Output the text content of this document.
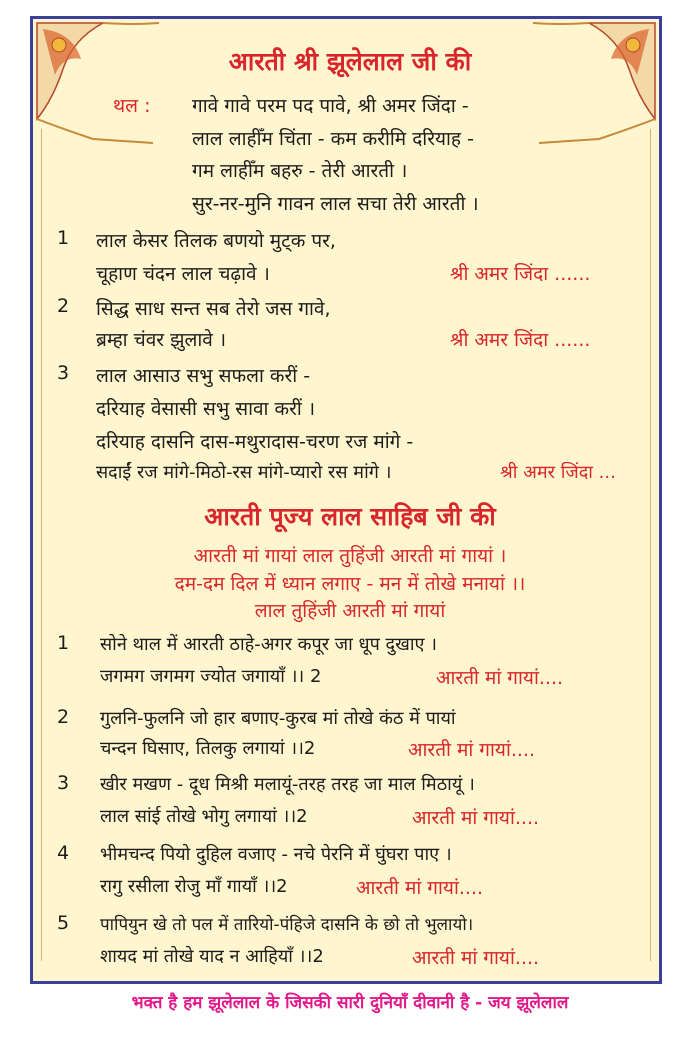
आरती श्री झूलेलाल जी की
थल : गावे गावे परम पद पावे, श्री अमर जिंदा -
लाल लाहीँम चिंता - कम करीमि दरियाह -
गम लाहीँम बहरु - तेरी आरती ।
सुर-नर-मुनि गावन लाल सचा तेरी आरती ।
1 लाल केसर तिलक बणयो मुट्क पर,
चूहाण चंदन लाल चढ़ावे ।	श्री अमर जिंदा ......
2 सिद्ध साध सन्त सब तेरो जस गावे,
ब्रम्हा चंवर झुलावे ।	श्री अमर जिंदा ......
3 लाल आसाउ सभु सफला करीं -
दरियाह वेसासी सभु सावा करीं ।
दरियाह दासनि दास-मथुरादास-चरण रज मांगे -
सदाईं रज मांगे-मिठो-रस मांगे-प्यारो रस मांगे ।	श्री अमर जिंदा ...
आरती पूज्य लाल साहिब जी की
आरती मां गायां लाल तुहिंजी आरती मां गायां ।
दम-दम दिल में ध्यान लगाए - मन में तोखे मनायां ।।
लाल तुहिंजी आरती मां गायां
1 सोने थाल में आरती ठाहे-अगर कपूर जा धूप दुखाए ।
जगमग जगमग ज्योत जगायाँ ।। 2	आरती मां गायां....
2 गुलनि-फुलनि जो हार बणाए-कुरब मां तोखे कंठ में पायां
चन्दन घिसाए, तिलकु लगायां ।।2	आरती मां गायां....
3 खीर मखण - दूध मिश्री मलायूं-तरह तरह जा माल मिठायूं ।
लाल सांई तोखे भोगु लगायां ।।2	आरती मां गायां....
4 भीमचन्द पियो दुहिल वजाए - नचे पेरनि में घुंघरा पाए ।
रागु रसीला रोजु माँ गायाँ ।।2	आरती मां गायां....
5 पापियुन खे तो पल में तारियो-पंहिजे दासनि के छो तो भुलायो।
शायद मां तोखे याद न आहियाँ ।।2	आरती मां गायां....
भक्त है हम झूलेलाल के जिसकी सारी दुनियाँ दीवानी है - जय झूलेलाल
